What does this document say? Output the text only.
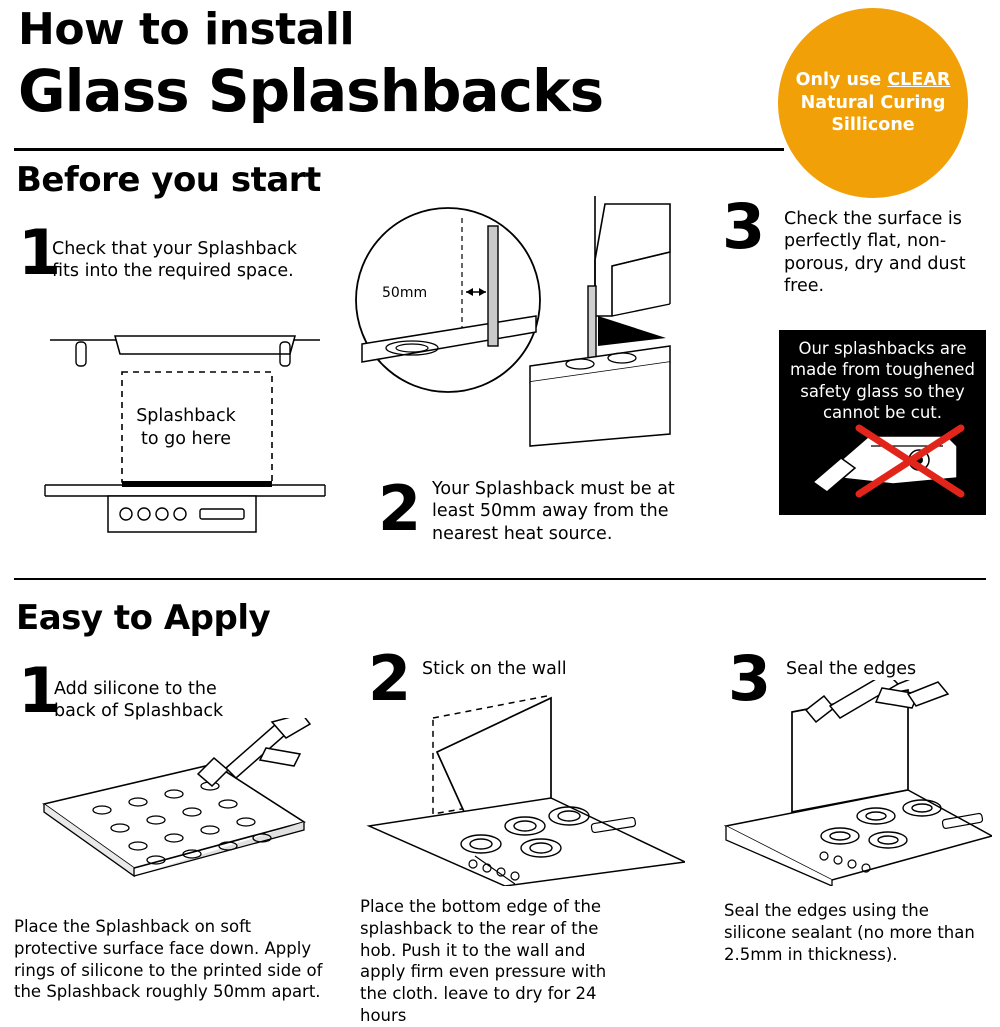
How to install
Glass Splashbacks	Only use CLEAR
Natural Curing
Sillicone
Before you start
1
Check that your Splashback fits into the required space.
Splashback to go here
2 Your Splashback must be at least 50mm away from the nearest heat source.
50mm
3 Check the surface is perfectly flat, non-porous, dry and dust free.
Our splashbacks are made from toughened safety glass so they cannot be cut.
Easy to Apply
1
Add silicone to the back of Splashback
Place the Splashback on soft protective surface face down. Apply rings of silicone to the printed side of the Splashback roughly 50mm apart.
2 Stick on the wall
Place the bottom edge of the splashback to the rear of the hob. Push it to the wall and apply firm even pressure with the cloth. leave to dry for 24 hours
3 Seal the edges
Seal the edges using the silicone sealant (no more than 2.5mm in thickness).
